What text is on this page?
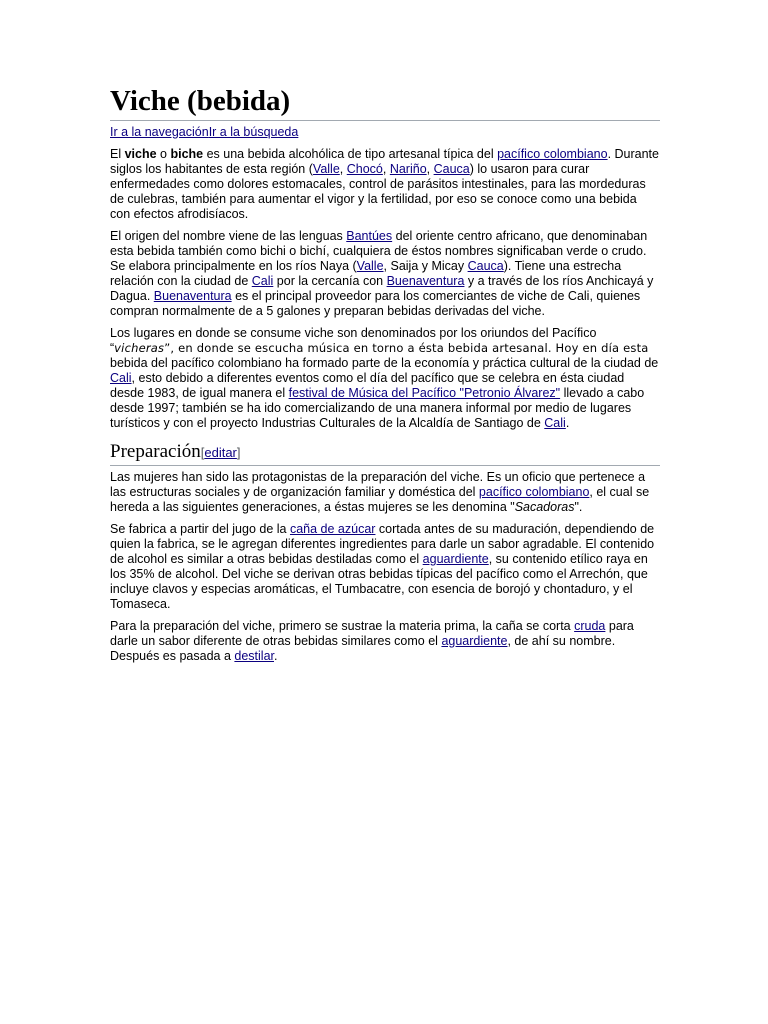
Viche (bebida)
Ir a la navegaciónIr a la búsqueda

El viche o biche es una bebida alcohólica de tipo artesanal típica del pacífico colombiano. Durante siglos los habitantes de esta región (Valle, Chocó, Nariño, Cauca) lo usaron para curar enfermedades como dolores estomacales, control de parásitos intestinales, para las mordeduras de culebras, también para aumentar el vigor y la fertilidad, por eso se conoce como una bebida con efectos afrodisíacos.

El origen del nombre viene de las lenguas Bantúes del oriente centro africano, que denominaban esta bebida también como bichi o bichí, cualquiera de éstos nombres significaban verde o crudo. Se elabora principalmente en los ríos Naya (Valle, Saija y Micay Cauca). Tiene una estrecha relación con la ciudad de Cali por la cercanía con Buenaventura y a través de los ríos Anchicayá y Dagua. Buenaventura es el principal proveedor para los comerciantes de viche de Cali, quienes compran normalmente de a 5 galones y preparan bebidas derivadas del viche.

Los lugares en donde se consume viche son denominados por los oriundos del Pacífico “vicheras”, en donde se escucha música en torno a ésta bebida artesanal. Hoy en día esta bebida del pacífico colombiano ha formado parte de la economía y práctica cultural de la ciudad de Cali, esto debido a diferentes eventos como el día del pacífico que se celebra en ésta ciudad desde 1983, de igual manera el festival de Música del Pacífico "Petronio Álvarez" llevado a cabo desde 1997; también se ha ido comercializando de una manera informal por medio de lugares turísticos y con el proyecto Industrias Culturales de la Alcaldía de Santiago de Cali.

Preparación[editar]

Las mujeres han sido las protagonistas de la preparación del viche. Es un oficio que pertenece a las estructuras sociales y de organización familiar y doméstica del pacífico colombiano, el cual se hereda a las siguientes generaciones, a éstas mujeres se les denomina "Sacadoras".

Se fabrica a partir del jugo de la caña de azúcar cortada antes de su maduración, dependiendo de quien la fabrica, se le agregan diferentes ingredientes para darle un sabor agradable. El contenido de alcohol es similar a otras bebidas destiladas como el aguardiente, su contenido etílico raya en los 35% de alcohol. Del viche se derivan otras bebidas típicas del pacífico como el Arrechón, que incluye clavos y especias aromáticas, el Tumbacatre, con esencia de borojó y chontaduro, y el Tomaseca.

Para la preparación del viche, primero se sustrae la materia prima, la caña se corta cruda para darle un sabor diferente de otras bebidas similares como el aguardiente, de ahí su nombre. Después es pasada a destilar.
